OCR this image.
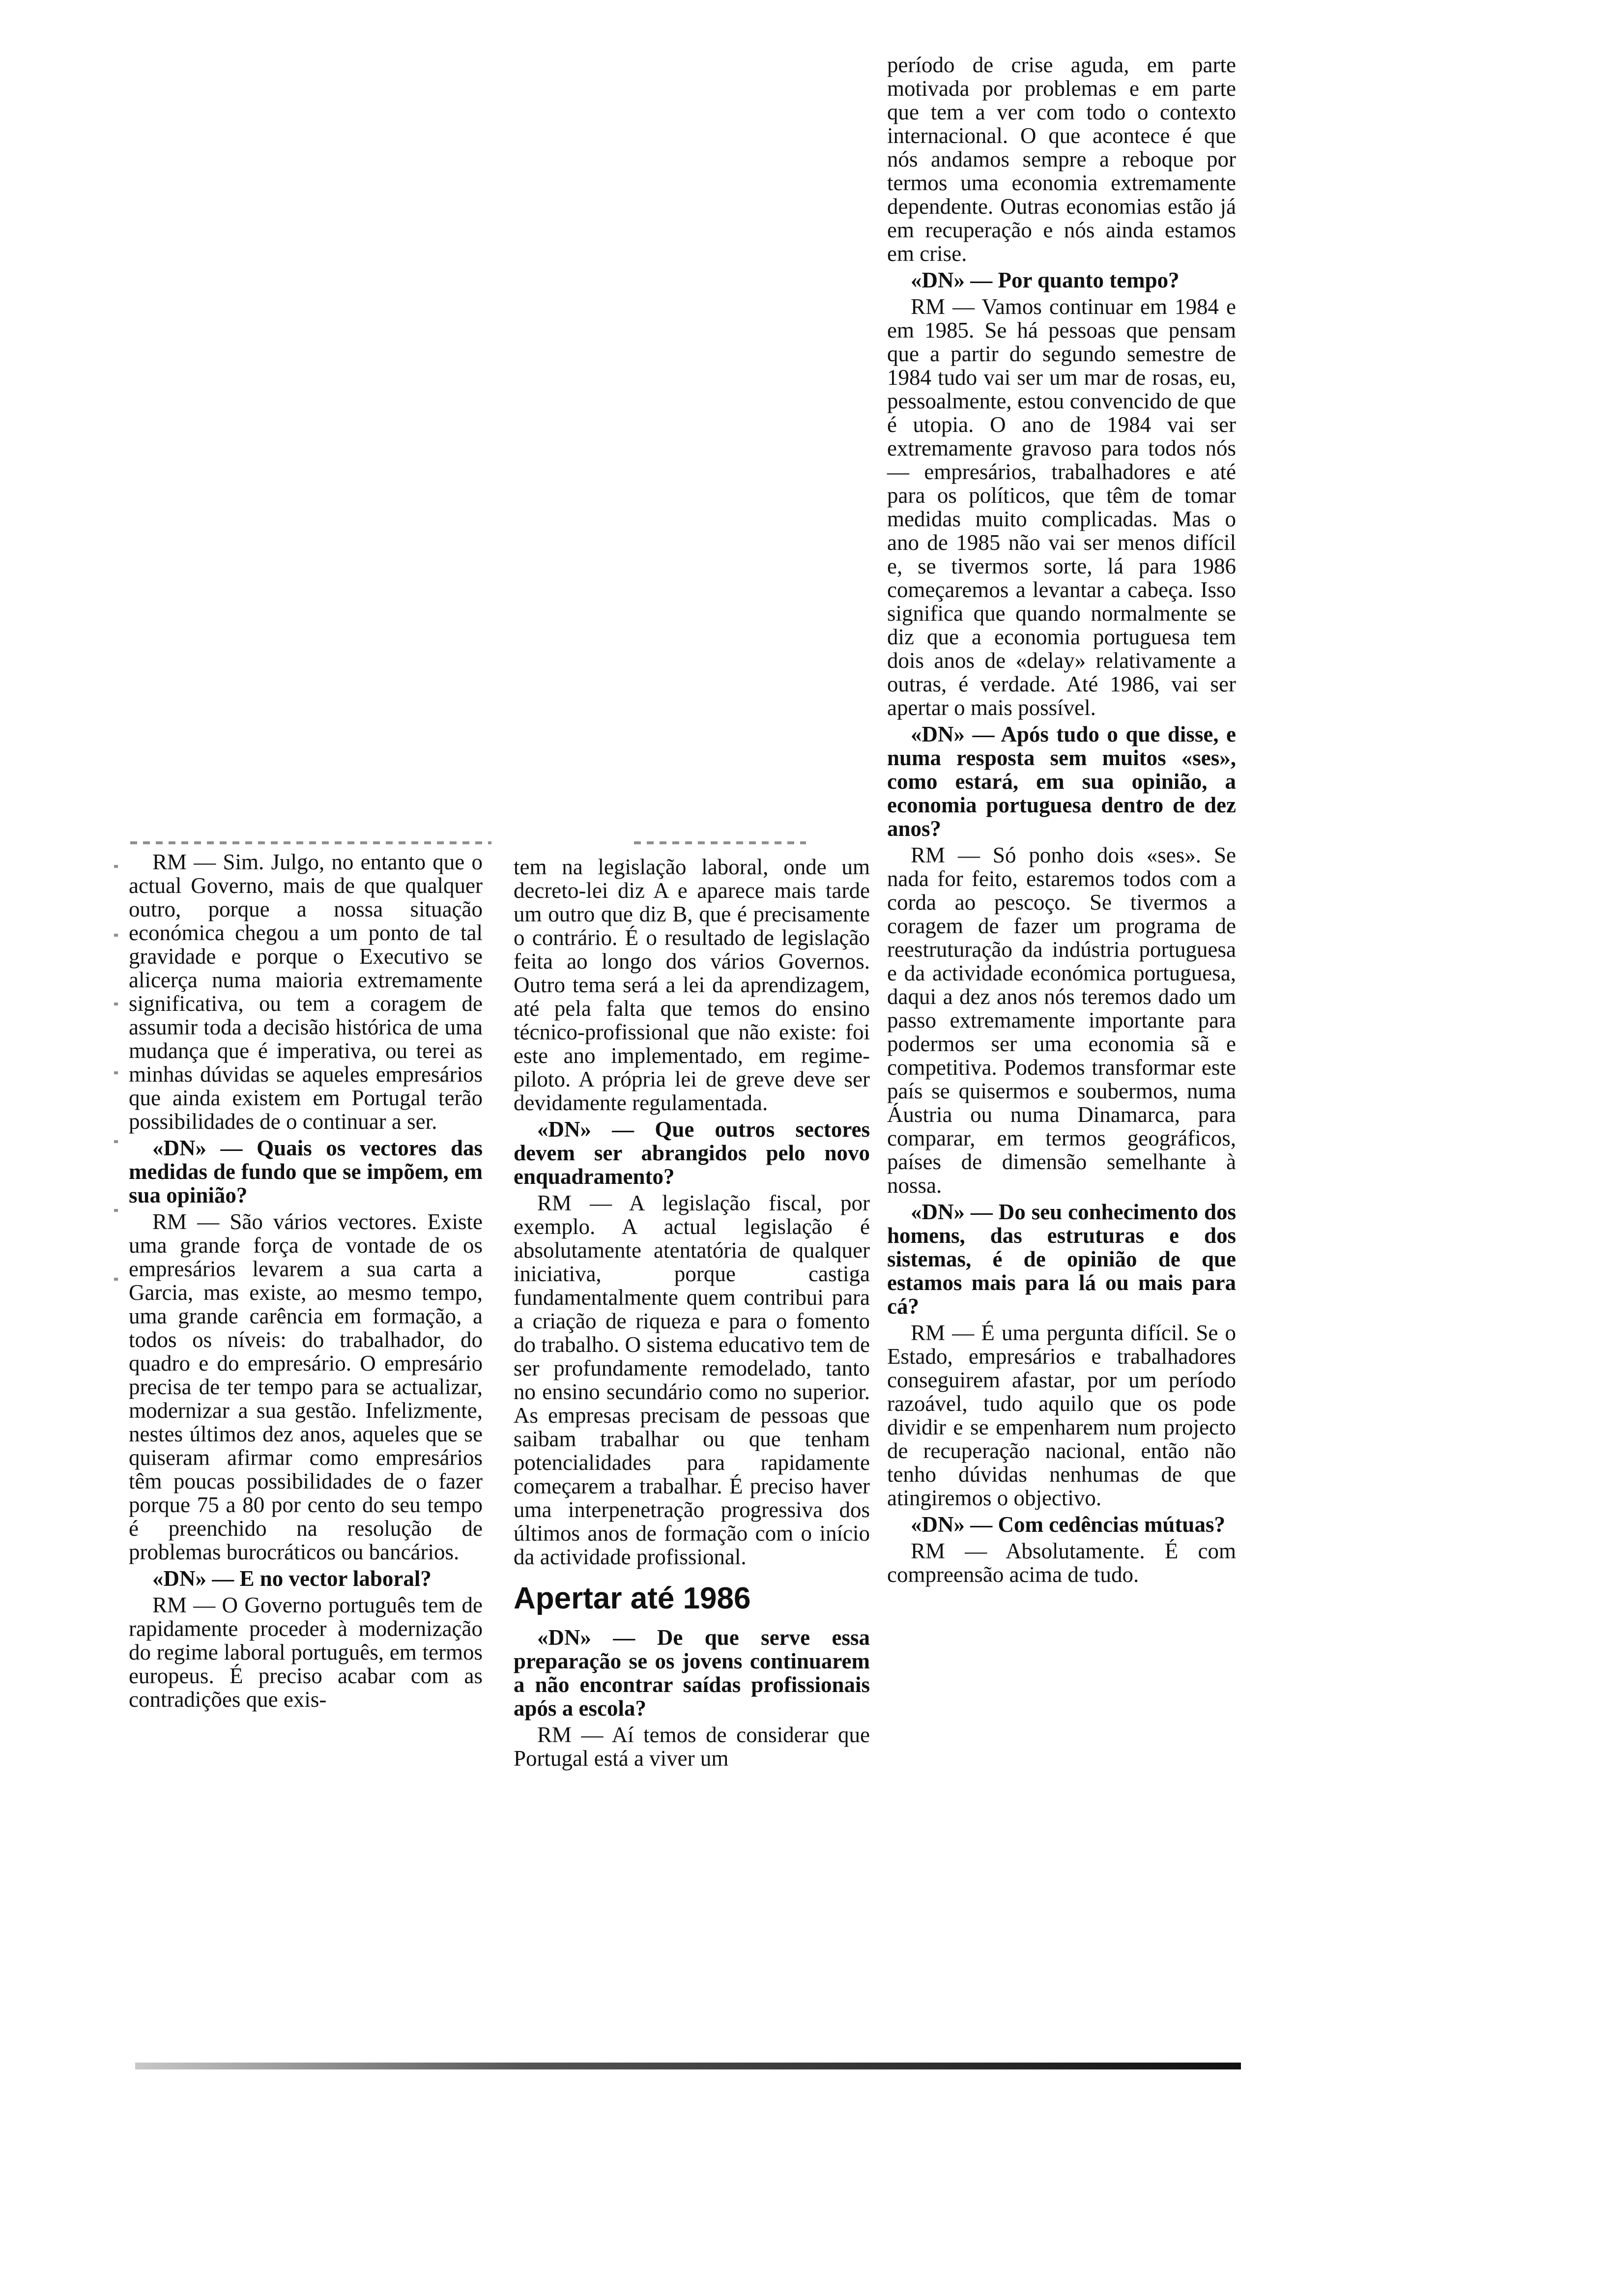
RM — Sim. Julgo, no entanto que o actual Governo, mais de que qualquer outro, porque a nossa situação económica chegou a um ponto de tal gravidade e porque o Executivo se alicerça numa maioria extremamente significativa, ou tem a coragem de assumir toda a decisão histórica de uma mudança que é imperativa, ou terei as minhas dúvidas se aqueles empresários que ainda existem em Portugal terão possibilidades de o continuar a ser.

«DN» — Quais os vectores das medidas de fundo que se impõem, em sua opinião?

RM — São vários vectores. Existe uma grande força de vontade de os empresários levarem a sua carta a Garcia, mas existe, ao mesmo tempo, uma grande carência em formação, a todos os níveis: do trabalhador, do quadro e do empresário. O empresário precisa de ter tempo para se actualizar, modernizar a sua gestão. Infelizmente, nestes últimos dez anos, aqueles que se quiseram afirmar como empresários têm poucas possibilidades de o fazer porque 75 a 80 por cento do seu tempo é preenchido na resolução de problemas burocráticos ou bancários.

«DN» — E no vector laboral?

RM — O Governo português tem de rapidamente proceder à modernização do regime laboral português, em termos europeus. É preciso acabar com as contradições que exis-

tem na legislação laboral, onde um decreto-lei diz A e aparece mais tarde um outro que diz B, que é precisamente o contrário. É o resultado de legislação feita ao longo dos vários Governos. Outro tema será a lei da aprendizagem, até pela falta que temos do ensino técnico-profissional que não existe: foi este ano implementado, em regime-piloto. A própria lei de greve deve ser devidamente regulamentada.

«DN» — Que outros sectores devem ser abrangidos pelo novo enquadramento?

RM — A legislação fiscal, por exemplo. A actual legislação é absolutamente atentatória de qualquer iniciativa, porque castiga fundamentalmente quem contribui para a criação de riqueza e para o fomento do trabalho. O sistema educativo tem de ser profundamente remodelado, tanto no ensino secundário como no superior. As empresas precisam de pessoas que saibam trabalhar ou que tenham potencialidades para rapidamente começarem a trabalhar. É preciso haver uma interpenetração progressiva dos últimos anos de formação com o início da actividade profissional.

Apertar até 1986

«DN» — De que serve essa preparação se os jovens continuarem a não encontrar saídas profissionais após a escola?

RM — Aí temos de considerar que Portugal está a viver um

período de crise aguda, em parte motivada por problemas e em parte que tem a ver com todo o contexto internacional. O que acontece é que nós andamos sempre a reboque por termos uma economia extremamente dependente. Outras economias estão já em recuperação e nós ainda estamos em crise.

«DN» — Por quanto tempo?

RM — Vamos continuar em 1984 e em 1985. Se há pessoas que pensam que a partir do segundo semestre de 1984 tudo vai ser um mar de rosas, eu, pessoalmente, estou convencido de que é utopia. O ano de 1984 vai ser extremamente gravoso para todos nós — empresários, trabalhadores e até para os políticos, que têm de tomar medidas muito complicadas. Mas o ano de 1985 não vai ser menos difícil e, se tivermos sorte, lá para 1986 começaremos a levantar a cabeça. Isso significa que quando normalmente se diz que a economia portuguesa tem dois anos de «delay» relativamente a outras, é verdade. Até 1986, vai ser apertar o mais possível.

«DN» — Após tudo o que disse, e numa resposta sem muitos «ses», como estará, em sua opinião, a economia portuguesa dentro de dez anos?

RM — Só ponho dois «ses». Se nada for feito, estaremos todos com a corda ao pescoço. Se tivermos a coragem de fazer um programa de reestruturação da indústria portuguesa e da actividade económica portuguesa, daqui a dez anos nós teremos dado um passo extremamente importante para podermos ser uma economia sã e competitiva. Podemos transformar este país se quisermos e soubermos, numa Áustria ou numa Dinamarca, para comparar, em termos geográficos, países de dimensão semelhante à nossa.

«DN» — Do seu conhecimento dos homens, das estruturas e dos sistemas, é de opinião de que estamos mais para lá ou mais para cá?

RM — É uma pergunta difícil. Se o Estado, empresários e trabalhadores conseguirem afastar, por um período razoável, tudo aquilo que os pode dividir e se empenharem num projecto de recuperação nacional, então não tenho dúvidas nenhumas de que atingiremos o objectivo.

«DN» — Com cedências mútuas?

RM — Absolutamente. É com compreensão acima de tudo.
